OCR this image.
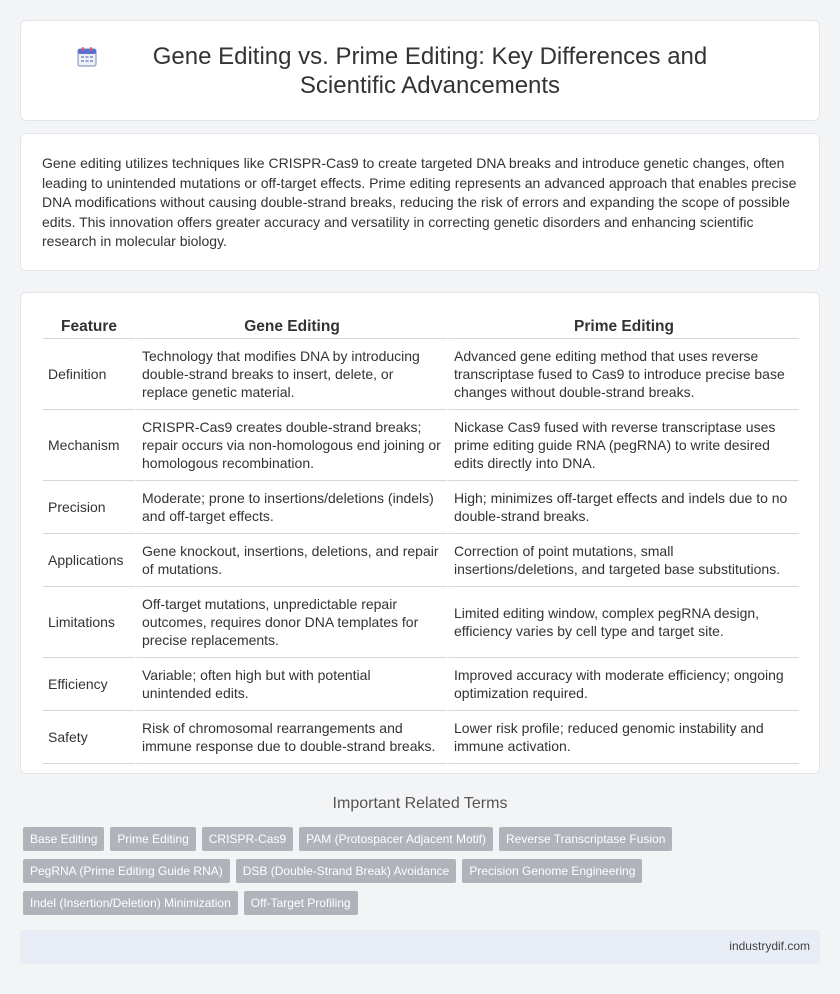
Gene Editing vs. Prime Editing: Key Differences and Scientific Advancements

Gene editing utilizes techniques like CRISPR-Cas9 to create targeted DNA breaks and introduce genetic changes, often leading to unintended mutations or off-target effects. Prime editing represents an advanced approach that enables precise DNA modifications without causing double-strand breaks, reducing the risk of errors and expanding the scope of possible edits. This innovation offers greater accuracy and versatility in correcting genetic disorders and enhancing scientific research in molecular biology.

Feature	Gene Editing	Prime Editing
Definition	Technology that modifies DNA by introducing double-strand breaks to insert, delete, or replace genetic material.	Advanced gene editing method that uses reverse transcriptase fused to Cas9 to introduce precise base changes without double-strand breaks.
Mechanism	CRISPR-Cas9 creates double-strand breaks; repair occurs via non-homologous end joining or homologous recombination.	Nickase Cas9 fused with reverse transcriptase uses prime editing guide RNA (pegRNA) to write desired edits directly into DNA.
Precision	Moderate; prone to insertions/deletions (indels) and off-target effects.	High; minimizes off-target effects and indels due to no double-strand breaks.
Applications	Gene knockout, insertions, deletions, and repair of mutations.	Correction of point mutations, small insertions/deletions, and targeted base substitutions.
Limitations	Off-target mutations, unpredictable repair outcomes, requires donor DNA templates for precise replacements.	Limited editing window, complex pegRNA design, efficiency varies by cell type and target site.
Efficiency	Variable; often high but with potential unintended edits.	Improved accuracy with moderate efficiency; ongoing optimization required.
Safety	Risk of chromosomal rearrangements and immune response due to double-strand breaks.	Lower risk profile; reduced genomic instability and immune activation.
Important Related Terms
Base Editing	Prime Editing	CRISPR-Cas9	PAM (Protospacer Adjacent Motif)	Reverse Transcriptase Fusion
PegRNA (Prime Editing Guide RNA)	DSB (Double-Strand Break) Avoidance	Precision Genome Engineering
Indel (Insertion/Deletion) Minimization	Off-Target Profiling
industrydif.com
